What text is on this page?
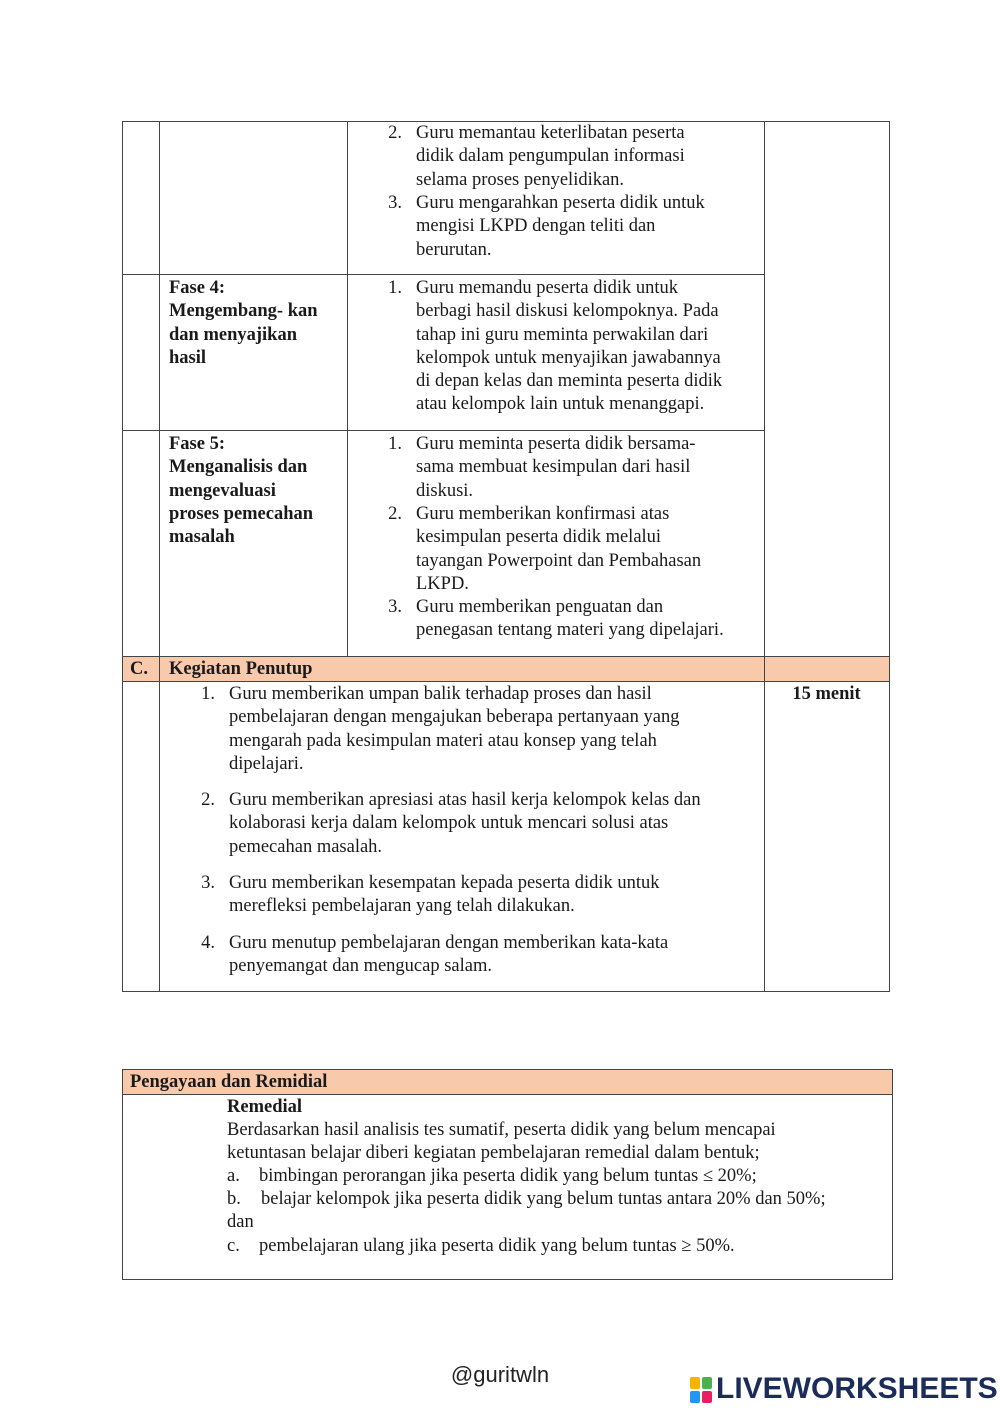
2. Guru memantau keterlibatan peserta
didik dalam pengumpulan informasi
selama proses penyelidikan.
3. Guru mengarahkan peserta didik untuk
mengisi LKPD dengan teliti dan
berurutan.
Fase 4:
Mengembang- kan
dan menyajikan
hasil
1. Guru memandu peserta didik untuk
berbagi hasil diskusi kelompoknya. Pada
tahap ini guru meminta perwakilan dari
kelompok untuk menyajikan jawabannya
di depan kelas dan meminta peserta didik
atau kelompok lain untuk menanggapi.
Fase 5:
Menganalisis dan
mengevaluasi
proses pemecahan
masalah
1. Guru meminta peserta didik bersama-
sama membuat kesimpulan dari hasil
diskusi.
2. Guru memberikan konfirmasi atas
kesimpulan peserta didik melalui
tayangan Powerpoint dan Pembahasan
LKPD.
3. Guru memberikan penguatan dan
penegasan tentang materi yang dipelajari.
C. Kegiatan Penutup
15 menit
1. Guru memberikan umpan balik terhadap proses dan hasil
pembelajaran dengan mengajukan beberapa pertanyaan yang
mengarah pada kesimpulan materi atau konsep yang telah
dipelajari.
2. Guru memberikan apresiasi atas hasil kerja kelompok kelas dan
kolaborasi kerja dalam kelompok untuk mencari solusi atas
pemecahan masalah.
3. Guru memberikan kesempatan kepada peserta didik untuk
merefleksi pembelajaran yang telah dilakukan.
4. Guru menutup pembelajaran dengan memberikan kata-kata
penyemangat dan mengucap salam.
Pengayaan dan Remidial
Remedial
Berdasarkan hasil analisis tes sumatif, peserta didik yang belum mencapai
ketuntasan belajar diberi kegiatan pembelajaran remedial dalam bentuk;
a. bimbingan perorangan jika peserta didik yang belum tuntas ≤ 20%;
b. belajar kelompok jika peserta didik yang belum tuntas antara 20% dan 50%;
dan
c. pembelajaran ulang jika peserta didik yang belum tuntas ≥ 50%.
@guritwln	LIVEWORKSHEETS
